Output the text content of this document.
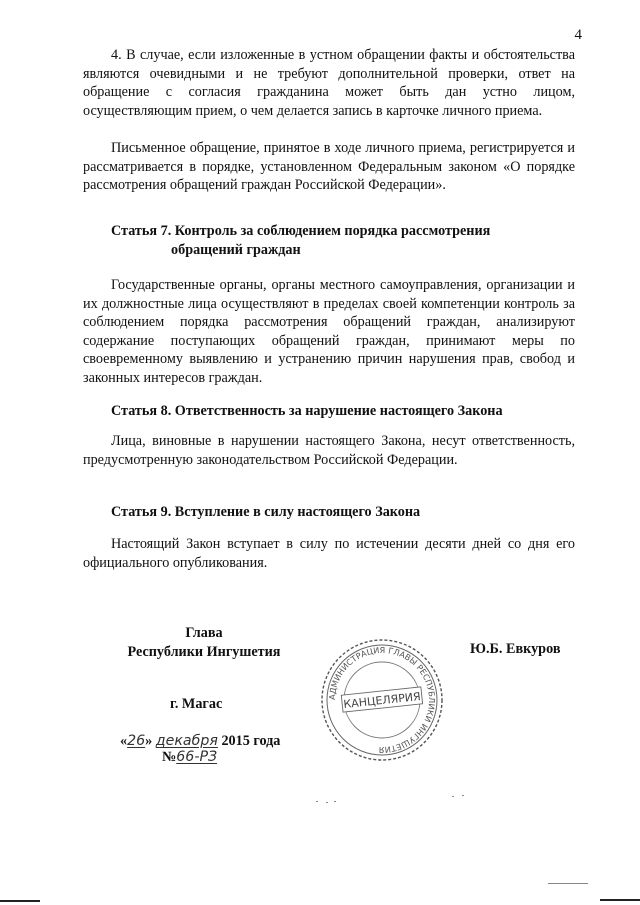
4

4. В случае, если изложенные в устном обращении факты и обстоятельства являются очевидными и не требуют дополнительной проверки, ответ на обращение с согласия гражданина может быть дан устно лицом, осуществляющим прием, о чем делается запись в карточке личного приема.

Письменное обращение, принятое в ходе личного приема, регистрируется и рассматривается в порядке, установленном Федеральным законом «О порядке рассмотрения обращений граждан Российской Федерации».

Статья 7. Контроль за соблюдением порядка рассмотрения
обращений граждан

Государственные органы, органы местного самоуправления, организации и их должностные лица осуществляют в пределах своей компетенции контроль за соблюдением порядка рассмотрения обращений граждан, анализируют содержание поступающих обращений граждан, принимают меры по своевременному выявлению и устранению причин нарушения прав, свобод и законных интересов граждан.

Статья 8. Ответственность за нарушение настоящего Закона

Лица, виновные в нарушении настоящего Закона, несут ответственность, предусмотренную законодательством Российской Федерации.

Статья 9. Вступление в силу настоящего Закона

Настоящий Закон вступает в силу по истечении десяти дней со дня его официального опубликования.

Глава
Республики Ингушетия	Ю.Б. Евкуров
г. Магас
«26» декабря 2015 года
№66-РЗ
АДМИНИСТРАЦИЯ ГЛАВЫ РЕСПУБЛИКИ ИНГУШЕТИЯ
КАНЦЕЛЯРИЯ
